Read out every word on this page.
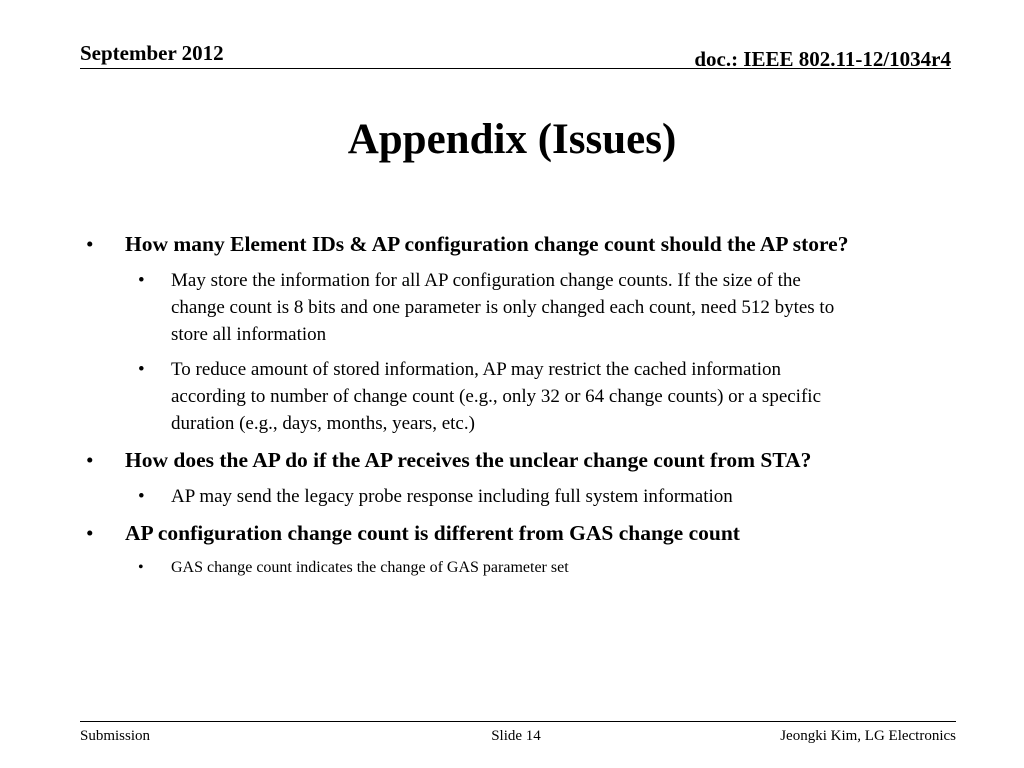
September 2012	doc.: IEEE 802.11-12/1034r4
Appendix (Issues)
• How many Element IDs & AP configuration change count should the AP store?
• May store the information for all AP configuration change counts. If the size of the change count is 8 bits and one parameter is only changed each count, need 512 bytes to store all information
• To reduce amount of stored information, AP may restrict the cached information according to number of change count (e.g., only 32 or 64 change counts) or a specific duration (e.g., days, months, years, etc.)
• How does the AP do if the AP receives the unclear change count from STA?
• AP may send the legacy probe response including full system information
• AP configuration change count is different from GAS change count
• GAS change count indicates the change of GAS parameter set
Submission	Slide 14	Jeongki Kim, LG Electronics
